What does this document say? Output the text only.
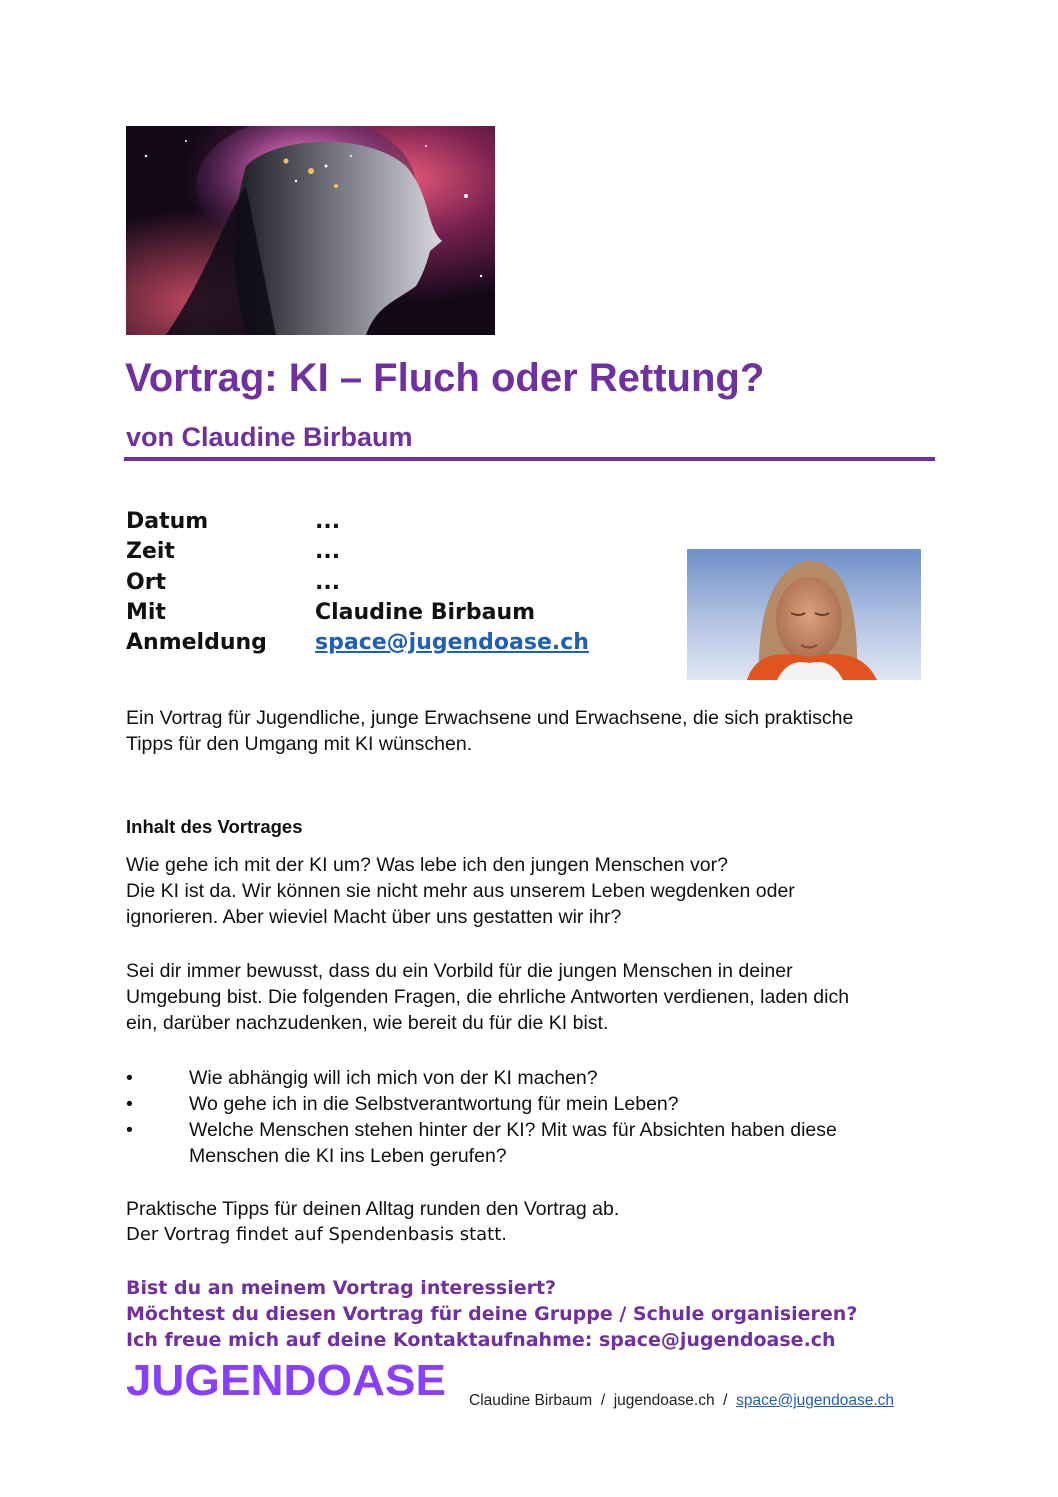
Vortrag: KI – Fluch oder Rettung?
von Claudine Birbaum
Datum	...
Zeit	...
Ort	...
Mit	Claudine Birbaum
Anmeldung space@jugendoase.ch
Ein Vortrag für Jugendliche, junge Erwachsene und Erwachsene, die sich praktische
Tipps für den Umgang mit KI wünschen.
Inhalt des Vortrages
Wie gehe ich mit der KI um? Was lebe ich den jungen Menschen vor?
Die KI ist da. Wir können sie nicht mehr aus unserem Leben wegdenken oder
ignorieren. Aber wieviel Macht über uns gestatten wir ihr?
Sei dir immer bewusst, dass du ein Vorbild für die jungen Menschen in deiner
Umgebung bist. Die folgenden Fragen, die ehrliche Antworten verdienen, laden dich
ein, darüber nachzudenken, wie bereit du für die KI bist.
•	Wie abhängig will ich mich von der KI machen?
•	Wo gehe ich in die Selbstverantwortung für mein Leben?
•	Welche Menschen stehen hinter der KI? Mit was für Absichten haben diese
Menschen die KI ins Leben gerufen?
Praktische Tipps für deinen Alltag runden den Vortrag ab.
Der Vortrag findet auf Spendenbasis statt.
Bist du an meinem Vortrag interessiert?
Möchtest du diesen Vortrag für deine Gruppe / Schule organisieren?
Ich freue mich auf deine Kontaktaufnahme: space@jugendoase.ch
JUGENDOASE Claudine Birbaum  /  jugendoase.ch  /  space@jugendoase.ch
